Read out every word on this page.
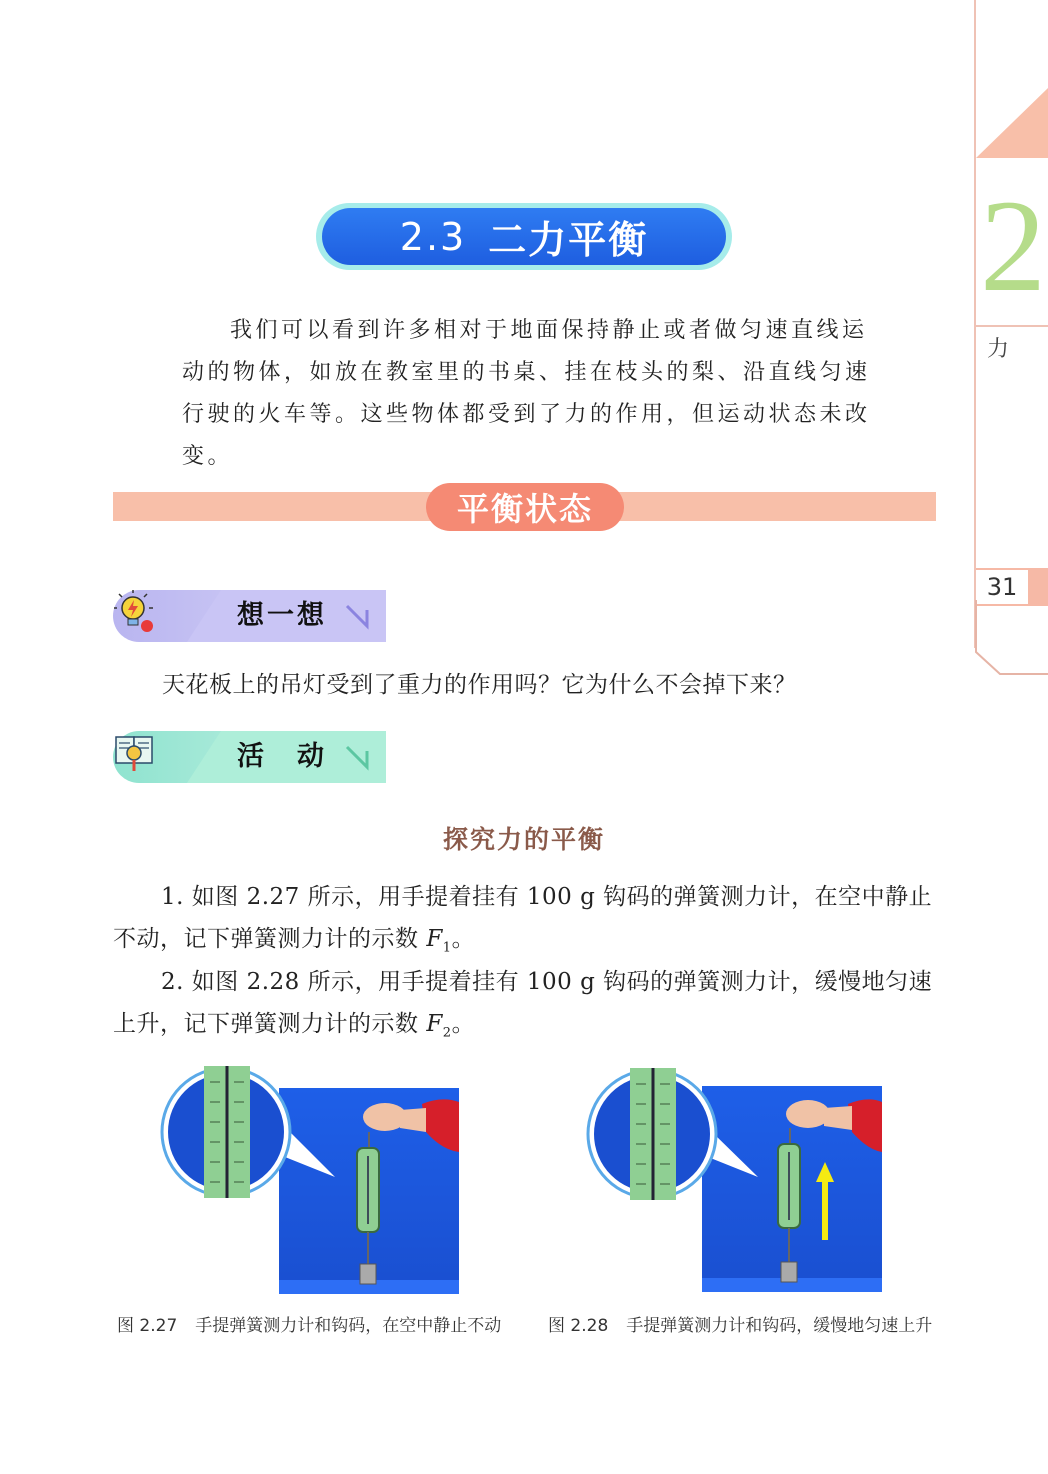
2
力
31
2.3 二力平衡
我们可以看到许多相对于地面保持静止或者做匀速直线运动的物体，如放在教室里的书桌、挂在枝头的梨、沿直线匀速行驶的火车等。这些物体都受到了力的作用，但运动状态未改变。
平衡状态
想一想
天花板上的吊灯受到了重力的作用吗？它为什么不会掉下来？
活　动
探究力的平衡
1. 如图 2.27 所示，用手提着挂有 100 g 钩码的弹簧测力计，在空中静止不动，记下弹簧测力计的示数 $F_1$。
2. 如图 2.28 所示，用手提着挂有 100 g 钩码的弹簧测力计，缓慢地匀速上升，记下弹簧测力计的示数 $F_2$。
图 2.27 手提弹簧测力计和钩码，在空中静止不动	图 2.28 手提弹簧测力计和钩码，缓慢地匀速上升
